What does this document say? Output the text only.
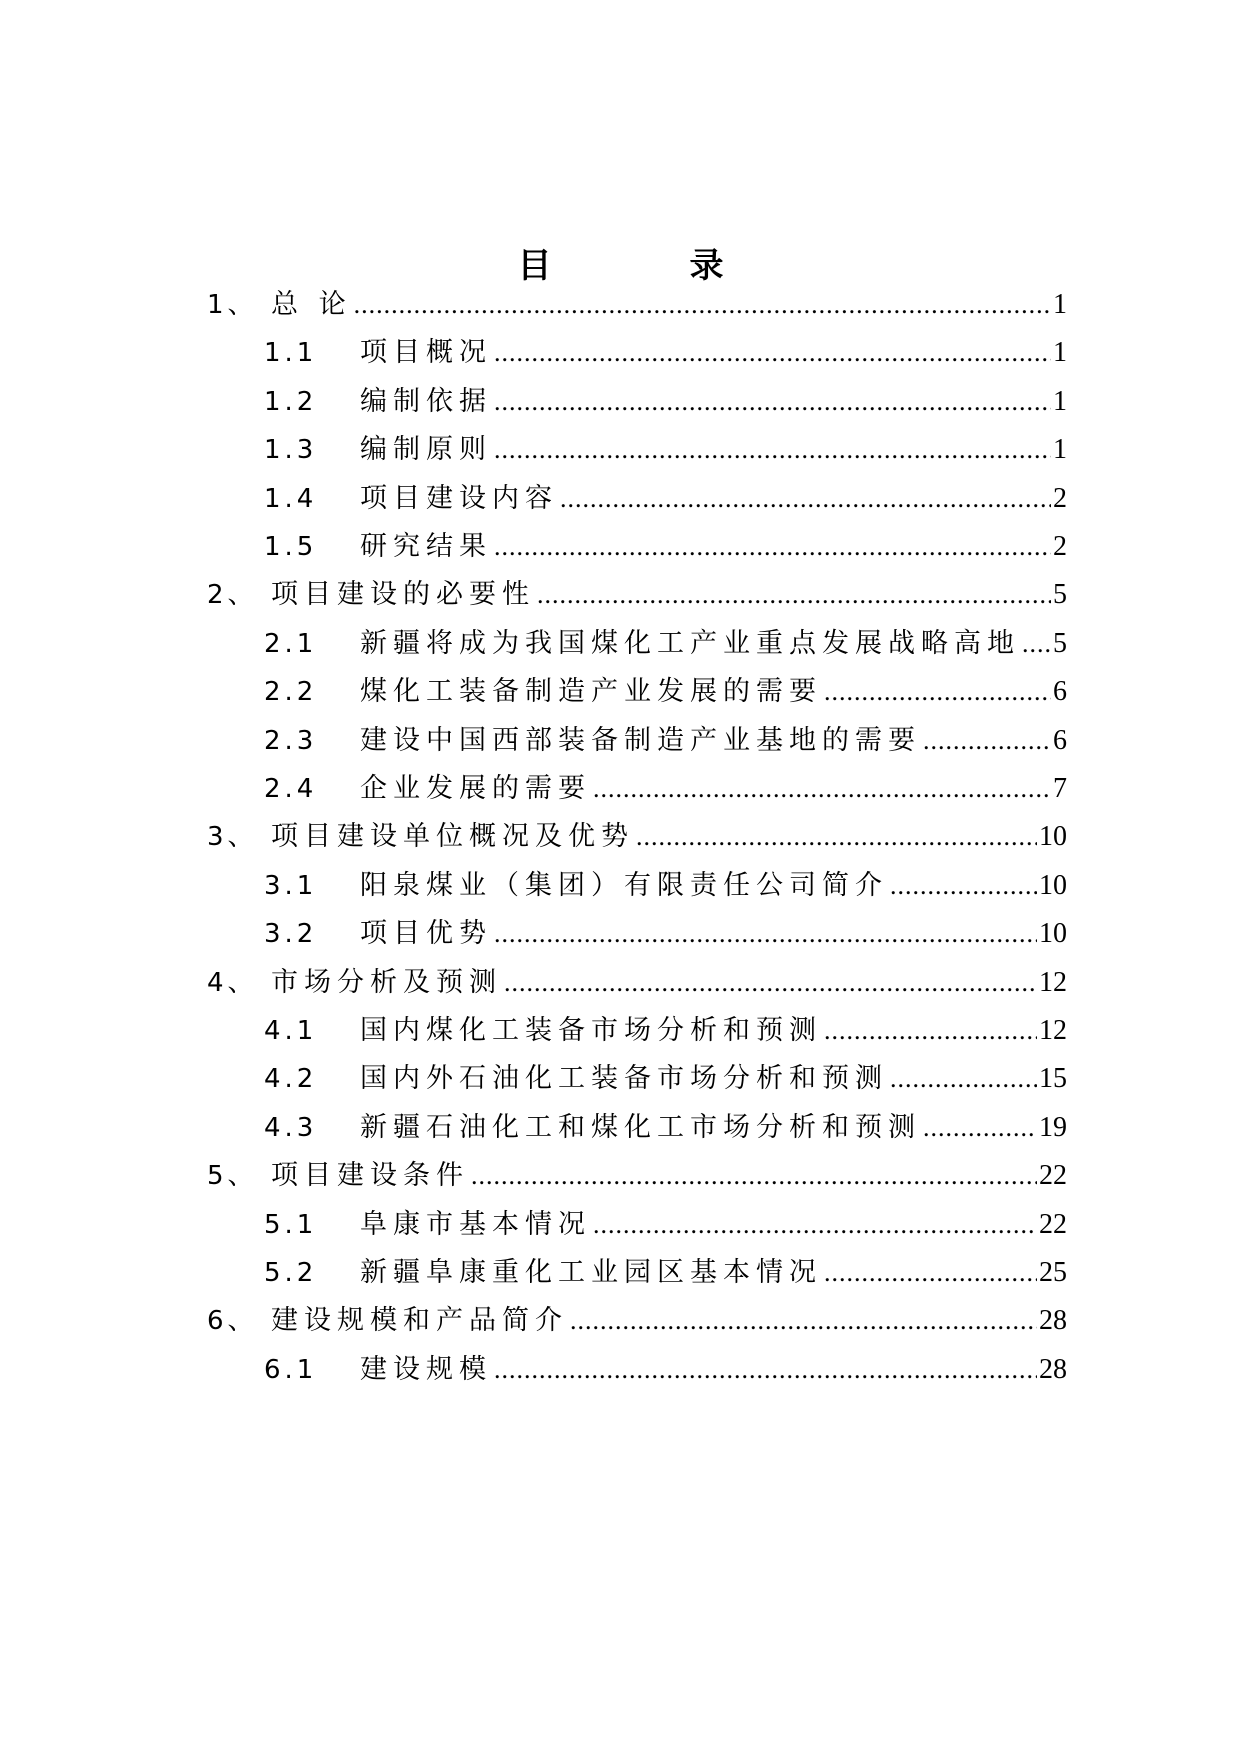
目　录
1、 总 论 .....	1
1.1	项目概况 .....	1
1.2	编制依据 .....	1
1.3	编制原则 .....	1
1.4	项目建设内容 .....	2
1.5	研究结果 .....	2
2、 项目建设的必要性 .....	5
2.1	新疆将成为我国煤化工产业重点发展战略高地 ..... 5
2.2	煤化工装备制造产业发展的需要 .....	6
2.3	建设中国西部装备制造产业基地的需要 .....	6
2.4	企业发展的需要 .....	7
3、 项目建设单位概况及优势 .....	10
3.1	阳泉煤业（集团）有限责任公司简介 .....	10
3.2	项目优势 .....	10
4、 市场分析及预测 .....	12
4.1	国内煤化工装备市场分析和预测 .....	12
4.2	国内外石油化工装备市场分析和预测 .....	15
4.3	新疆石油化工和煤化工市场分析和预测 .....	19
5、 项目建设条件 .....	22
5.1	阜康市基本情况 .....	22
5.2	新疆阜康重化工业园区基本情况 .....	25
6、 建设规模和产品简介 .....	28
6.1	建设规模 .....	28
